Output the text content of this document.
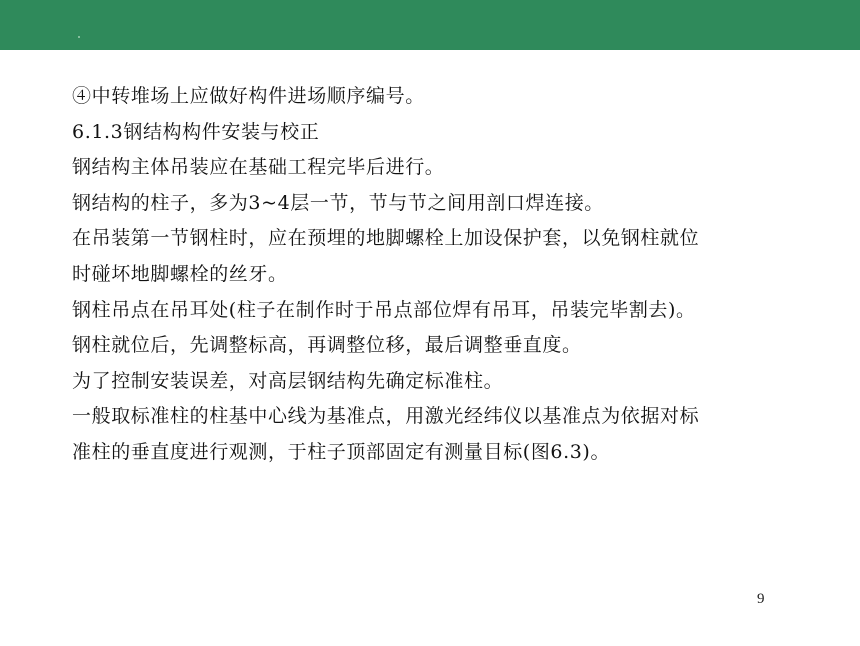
④中转堆场上应做好构件进场顺序编号。
6.1.3钢结构构件安装与校正
钢结构主体吊装应在基础工程完毕后进行。
钢结构的柱子，多为3~4层一节，节与节之间用剖口焊连接。
在吊装第一节钢柱时，应在预埋的地脚螺栓上加设保护套，以免钢柱就位
时碰坏地脚螺栓的丝牙。
钢柱吊点在吊耳处(柱子在制作时于吊点部位焊有吊耳，吊装完毕割去)。
钢柱就位后，先调整标高，再调整位移，最后调整垂直度。
为了控制安装误差，对高层钢结构先确定标准柱。
一般取标准柱的柱基中心线为基准点，用激光经纬仪以基准点为依据对标
准柱的垂直度进行观测，于柱子顶部固定有测量目标(图6.3)。
9
